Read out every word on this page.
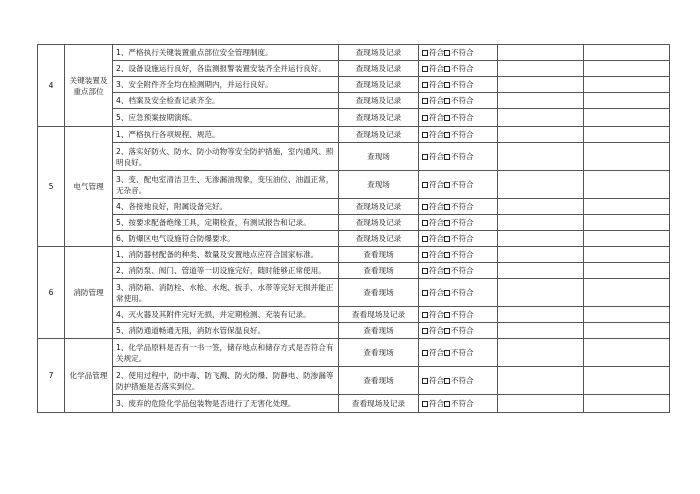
4	关键装置及重点部位	1、严格执行关键装置重点部位安全管理制度。	查现场及记录	符合 不符合		
		2、设备设施运行良好，各监测报警装置安装齐全并运行良好。	查现场及记录	符合 不符合		
		3、安全附件齐全均在检测期内，并运行良好。	查现场及记录	符合 不符合		
		4、档案及安全检查记录齐全。	查现场及记录	符合 不符合		
		5、应急预案按期演练。	查现场及记录	符合 不符合		
5	电气管理	1、严格执行各项规程、规范。	查现场及记录	符合 不符合		
		2、落实好防火、防水、防小动物等安全防护措施，室内通风、照明良好。	查现场	符合 不符合		
		3、变、配电室清洁卫生、无渗漏油现象，变压油位、油温正常，无杂音。	查现场	符合 不符合		
		4、各接地良好，附属设备完好。	查现场及记录	符合 不符合		
		5、按要求配备绝缘工具，定期检查，有测试报告和记录。	查现场及记录	符合 不符合		
		6、防爆区电气设施符合防爆要求。	查现场及记录	符合 不符合		
6	消防管理	1、消防器材配备的种类、数量及安置地点应符合国家标准。	查看现场	符合 不符合		
		2、消防泵、阀门、管道等一切设施完好，随时能够正常使用。	查看现场	符合 不符合		
		3、消防箱、消防栓、水枪、水炮、扳手、水带等完好无损并能正常使用。	查看现场	符合 不符合		
		4、灭火器及其附件完好无损，并定期检测、充装有记录。	查看现场及记录	符合 不符合		
		5、消防通道畅通无阻，消防水管保温良好。	查看现场	符合 不符合		
7	化学品管理	1、化学品原料是否有一书一签，储存地点和储存方式是否符合有关规定。	查看现场	符合 不符合		
		2、使用过程中，防中毒、防飞溅、防火防爆、防静电、防渗漏等防护措施是否落实到位。	查看现场	符合 不符合		
		3、废弃的危险化学品包装物是否进行了无害化处理。	查看现场及记录	符合 不符合		
